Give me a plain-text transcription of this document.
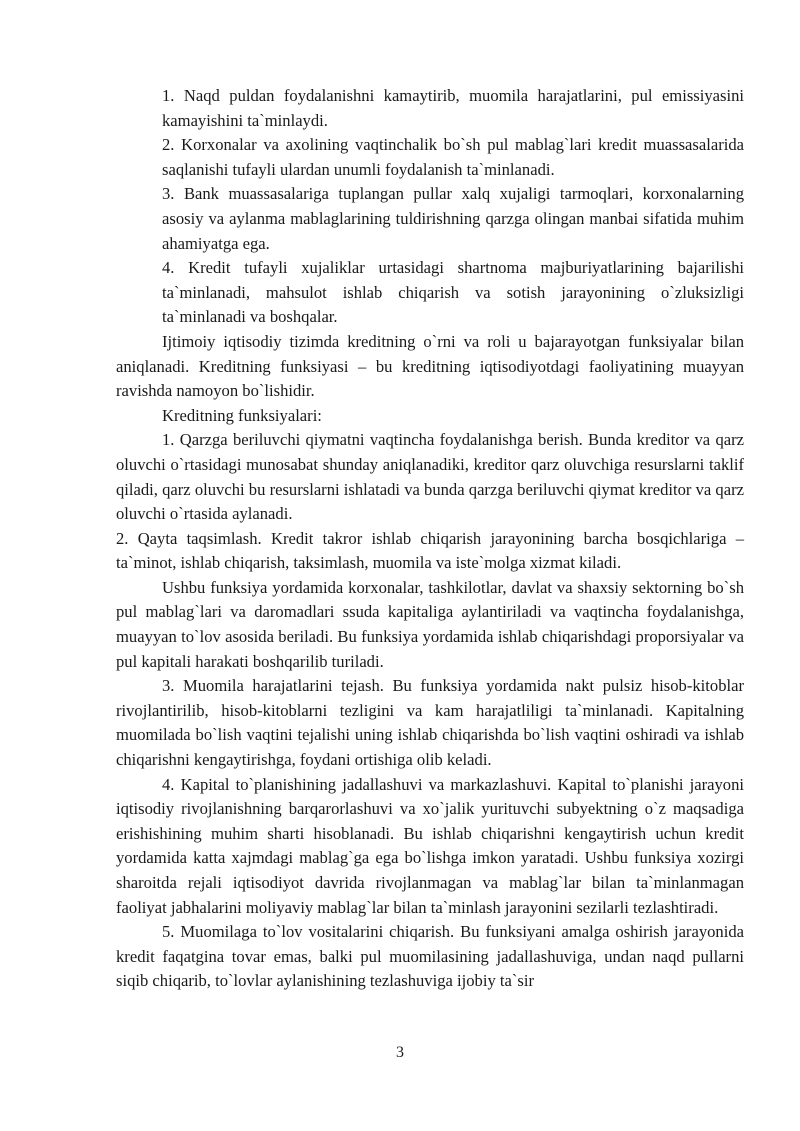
1. Naqd puldan foydalanishni kamaytirib, muomila harajatlarini, pul emissiyasini kamayishini ta`minlaydi.

2. Korxonalar va axolining vaqtinchalik bo`sh pul mablag`lari kredit muassasalarida saqlanishi tufayli ulardan unumli foydalanish ta`minlanadi.

3. Bank muassasalariga tuplangan pullar xalq xujaligi tarmoqlari, korxonalarning asosiy va aylanma mablaglarining tuldirishning qarzga olingan manbai sifatida muhim ahamiyatga ega.

4. Kredit tufayli xujaliklar urtasidagi shartnoma majburiyatlarining bajarilishi ta`minlanadi, mahsulot ishlab chiqarish va sotish jarayonining o`zluksizligi ta`minlanadi va boshqalar.

Ijtimoiy iqtisodiy tizimda kreditning o`rni va roli u bajarayotgan funksiyalar bilan aniqlanadi. Kreditning funksiyasi – bu kreditning iqtisodiyotdagi faoliyatining muayyan ravishda namoyon bo`lishidir.

Kreditning funksiyalari:

1. Qarzga beriluvchi qiymatni vaqtincha foydalanishga berish. Bunda kreditor va qarz oluvchi o`rtasidagi munosabat shunday aniqlanadiki, kreditor qarz oluvchiga resurslarni taklif qiladi, qarz oluvchi bu resurslarni ishlatadi va bunda qarzga beriluvchi qiymat kreditor va qarz oluvchi o`rtasida aylanadi.

2. Qayta taqsimlash. Kredit takror ishlab chiqarish jarayonining barcha bosqichlariga – ta`minot, ishlab chiqarish, taksimlash, muomila va iste`molga xizmat kiladi.

Ushbu funksiya yordamida korxonalar, tashkilotlar, davlat va shaxsiy sektorning bo`sh pul mablag`lari va daromadlari ssuda kapitaliga aylantiriladi va vaqtincha foydalanishga, muayyan to`lov asosida beriladi. Bu funksiya yordamida ishlab chiqarishdagi proporsiyalar va pul kapitali harakati boshqarilib turiladi.

3. Muomila harajatlarini tejash. Bu funksiya yordamida nakt pulsiz hisob-kitoblar rivojlantirilib, hisob-kitoblarni tezligini va kam harajatliligi ta`minlanadi. Kapitalning muomilada bo`lish vaqtini tejalishi uning ishlab chiqarishda bo`lish vaqtini oshiradi va ishlab chiqarishni kengaytirishga, foydani ortishiga olib keladi.

4. Kapital to`planishining jadallashuvi va markazlashuvi. Kapital to`planishi jarayoni iqtisodiy rivojlanishning barqarorlashuvi va xo`jalik yurituvchi subyektning o`z maqsadiga erishishining muhim sharti hisoblanadi. Bu ishlab chiqarishni kengaytirish uchun kredit yordamida katta xajmdagi mablag`ga ega bo`lishga imkon yaratadi. Ushbu funksiya xozirgi sharoitda rejali iqtisodiyot davrida rivojlanmagan va mablag`lar bilan ta`minlanmagan faoliyat jabhalarini moliyaviy mablag`lar bilan ta`minlash jarayonini sezilarli tezlashtiradi.

5. Muomilaga to`lov vositalarini chiqarish. Bu funksiyani amalga oshirish jarayonida kredit faqatgina tovar emas, balki pul muomilasining jadallashuviga, undan naqd pullarni siqib chiqarib, to`lovlar aylanishining tezlashuviga ijobiy ta`sir

3
